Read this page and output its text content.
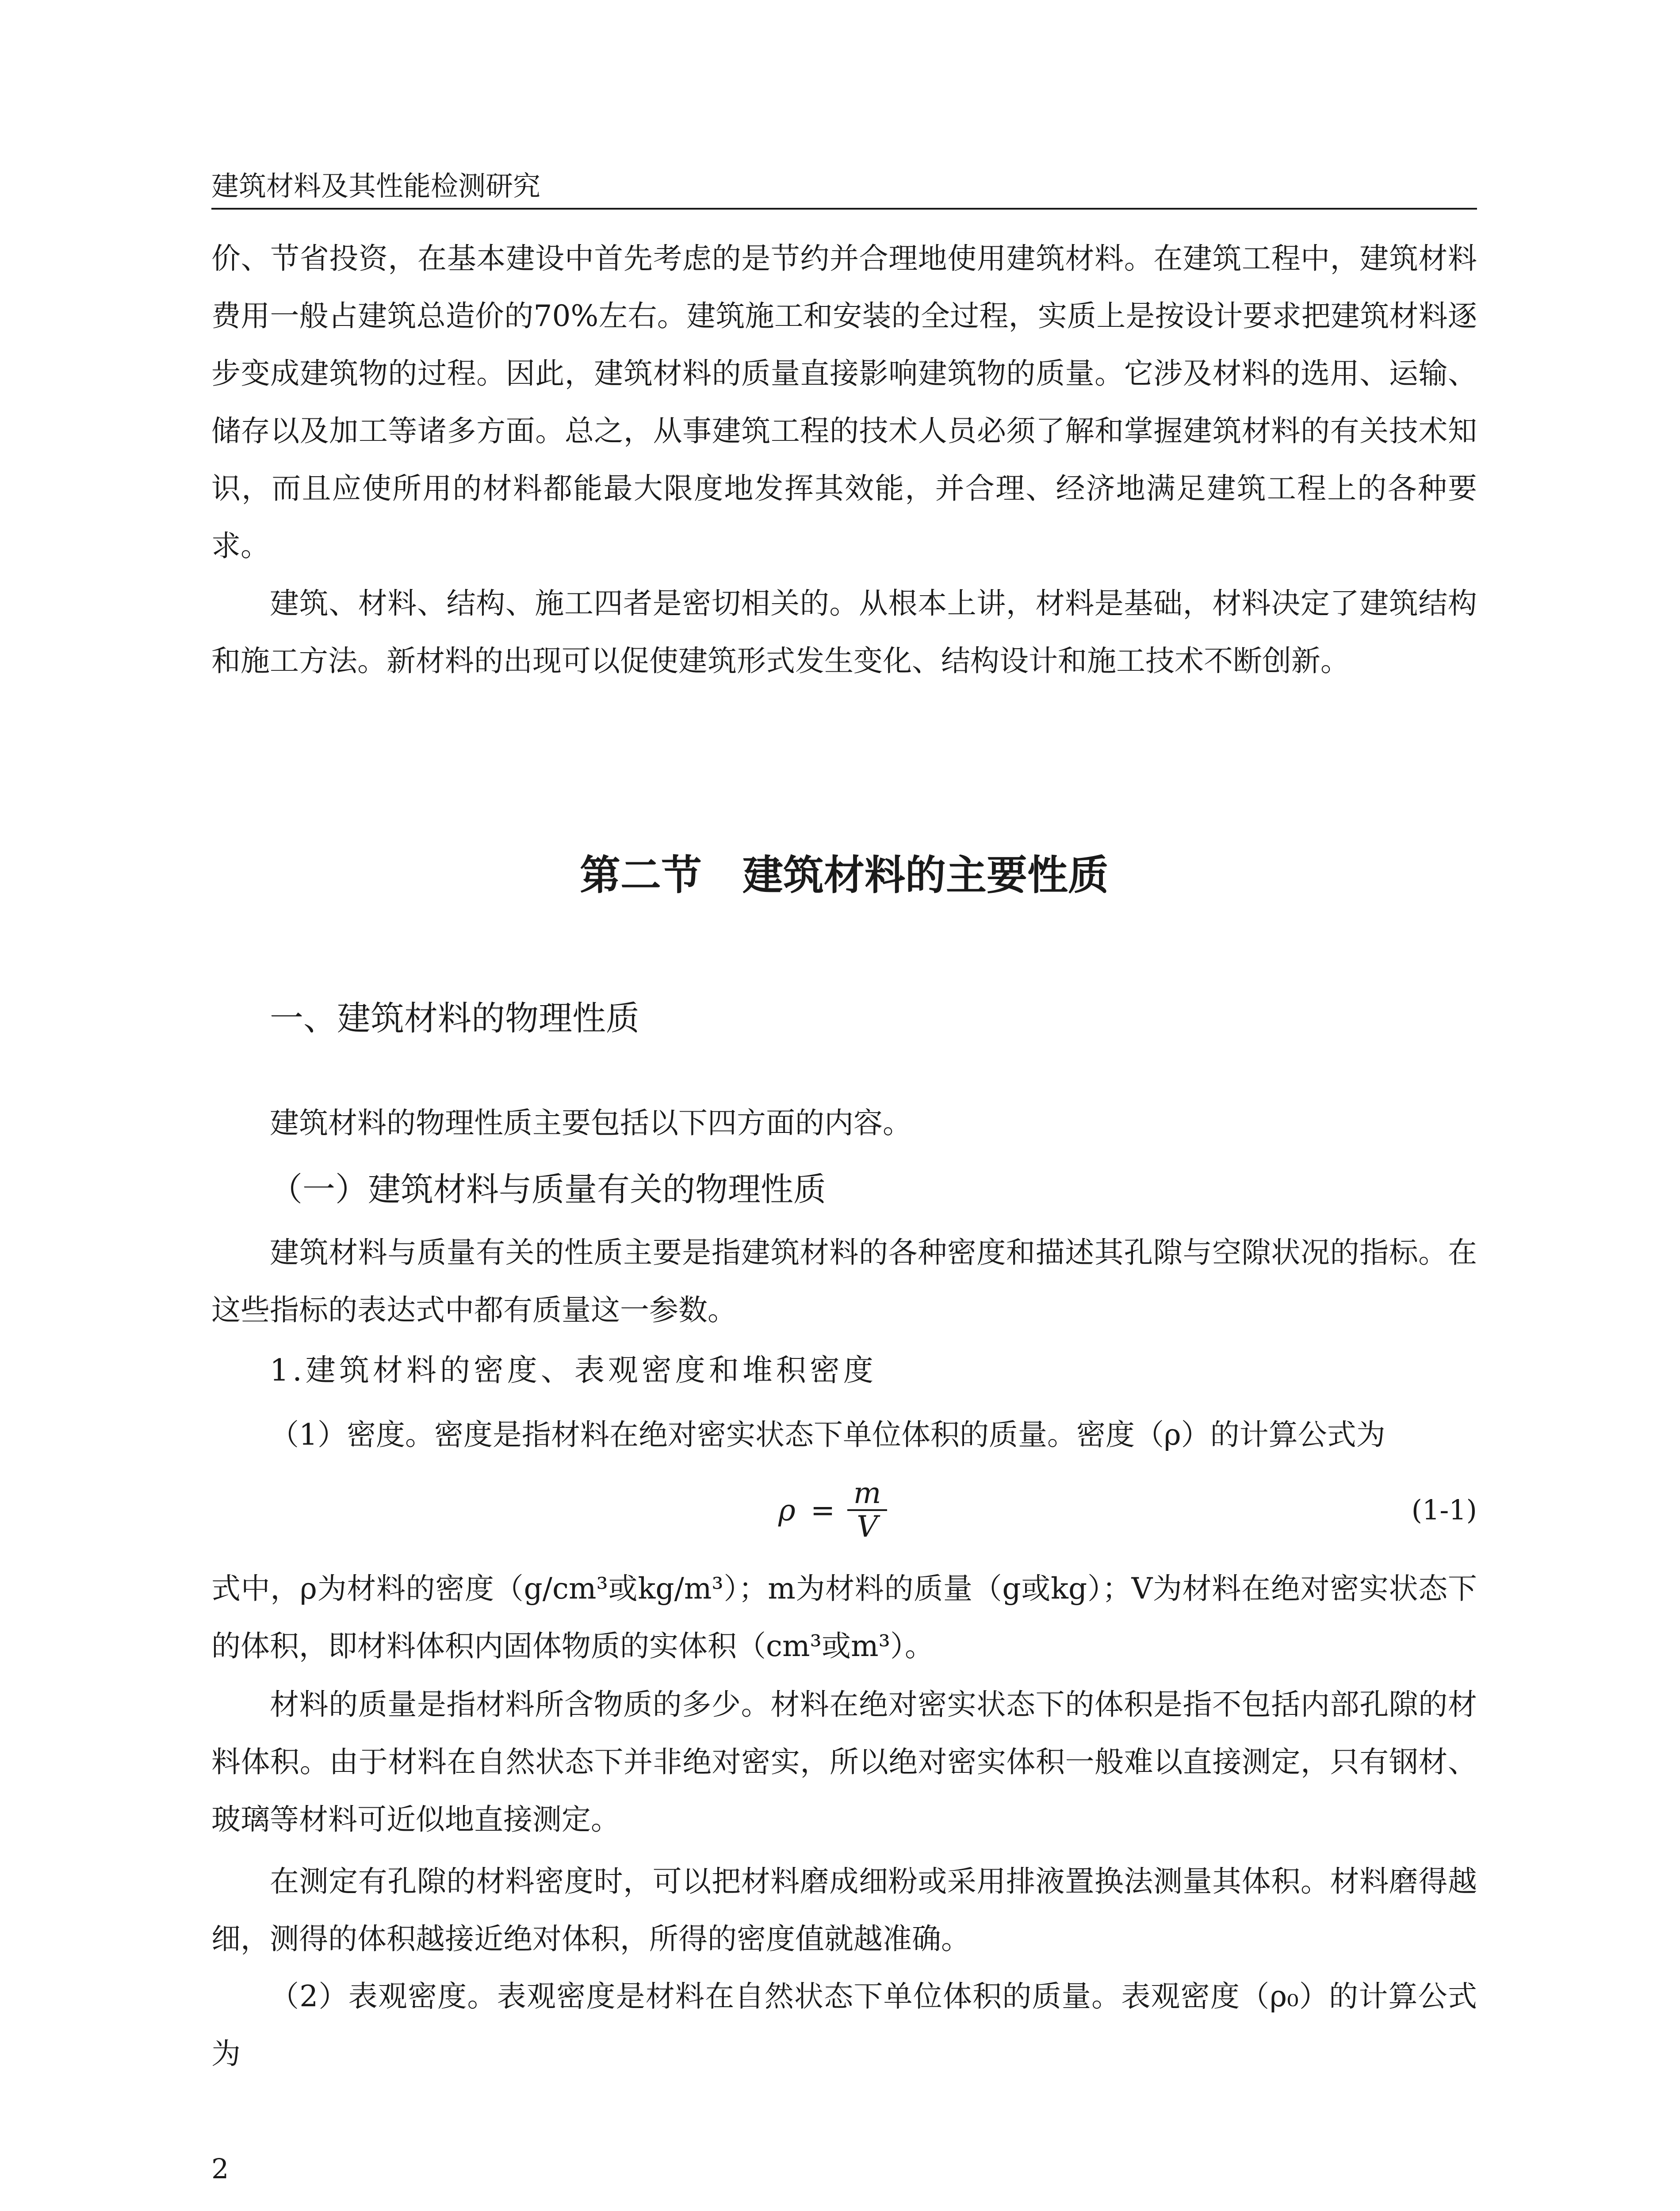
建筑材料及其性能检测研究

价、节省投资，在基本建设中首先考虑的是节约并合理地使用建筑材料。在建筑工程中，建筑材料费用一般占建筑总造价的70%左右。建筑施工和安装的全过程，实质上是按设计要求把建筑材料逐步变成建筑物的过程。因此，建筑材料的质量直接影响建筑物的质量。它涉及材料的选用、运输、储存以及加工等诸多方面。总之，从事建筑工程的技术人员必须了解和掌握建筑材料的有关技术知识，而且应使所用的材料都能最大限度地发挥其效能，并合理、经济地满足建筑工程上的各种要求。

建筑、材料、结构、施工四者是密切相关的。从根本上讲，材料是基础，材料决定了建筑结构和施工方法。新材料的出现可以促使建筑形式发生变化、结构设计和施工技术不断创新。

第二节　建筑材料的主要性质
一、建筑材料的物理性质

建筑材料的物理性质主要包括以下四方面的内容。

（一）建筑材料与质量有关的物理性质

建筑材料与质量有关的性质主要是指建筑材料的各种密度和描述其孔隙与空隙状况的指标。在这些指标的表达式中都有质量这一参数。

1.建筑材料的密度、表观密度和堆积密度

（1）密度。密度是指材料在绝对密实状态下单位体积的质量。密度（ρ）的计算公式为

$\rho = \frac{m}{V}$	(1-1)

式中，ρ为材料的密度（g/cm³或kg/m³）；m为材料的质量（g或kg）；V为材料在绝对密实状态下的体积，即材料体积内固体物质的实体积（cm³或m³）。

材料的质量是指材料所含物质的多少。材料在绝对密实状态下的体积是指不包括内部孔隙的材料体积。由于材料在自然状态下并非绝对密实，所以绝对密实体积一般难以直接测定，只有钢材、玻璃等材料可近似地直接测定。

在测定有孔隙的材料密度时，可以把材料磨成细粉或采用排液置换法测量其体积。材料磨得越细，测得的体积越接近绝对体积，所得的密度值就越准确。

（2）表观密度。表观密度是材料在自然状态下单位体积的质量。表观密度（ρ₀）的计算公式为

2
